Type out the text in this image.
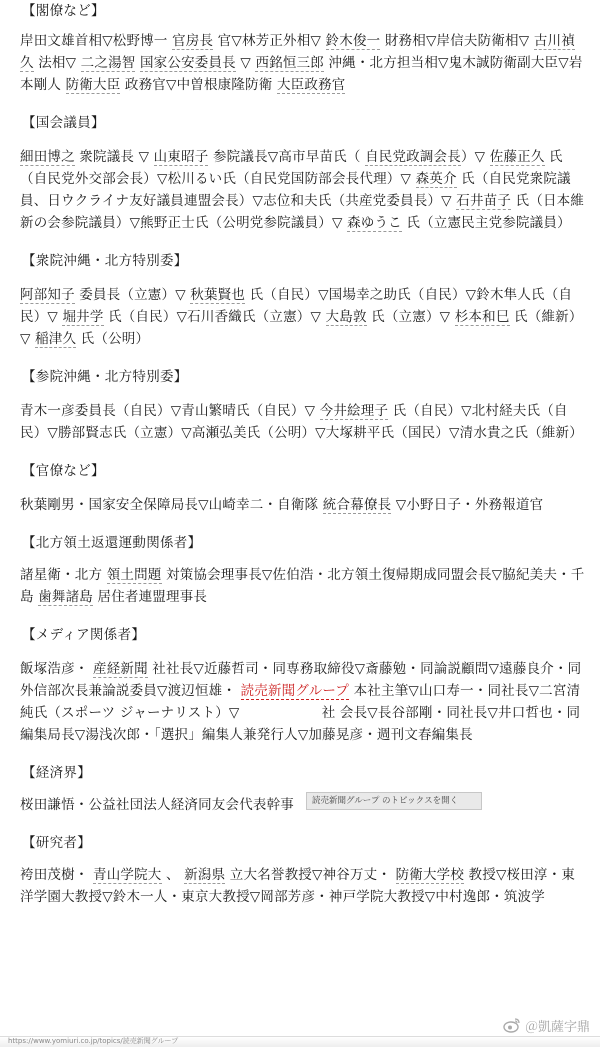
【閣僚など】
岸田文雄首相▽松野博一 官房長 官▽林芳正外相▽ 鈴木俊一 財務相▽岸信夫防衛相▽ 古川禎久 法相▽ 二之湯智 国家公安委員長 ▽ 西銘恒三郎 沖縄・北方担当相▽鬼木誠防衛副大臣▽岩本剛人 防衛大臣 政務官▽中曽根康隆防衛 大臣政務官
【国会議員】
細田博之 衆院議長 ▽ 山東昭子 参院議長▽高市早苗氏（ 自民党政調会長）▽ 佐藤正久 氏（自民党外交部会長）▽松川るい氏（自民党国防部会長代理）▽ 森英介 氏（自民党衆院議員、日ウクライナ友好議員連盟会長）▽志位和夫氏（共産党委員長）▽ 石井苗子 氏（日本維新の会参院議員）▽熊野正士氏（公明党参院議員）▽ 森ゆうこ 氏（立憲民主党参院議員）
【衆院沖縄・北方特別委】
阿部知子 委員長（立憲）▽ 秋葉賢也 氏（自民）▽国場幸之助氏（自民）▽鈴木隼人氏（自民）▽ 堀井学 氏（自民）▽石川香織氏（立憲）▽ 大島敦 氏（立憲）▽ 杉本和巳 氏（維新）▽ 稲津久 氏（公明）
【参院沖縄・北方特別委】
青木一彦委員長（自民）▽青山繁晴氏（自民）▽ 今井絵理子 氏（自民）▽北村経夫氏（自民）▽勝部賢志氏（立憲）▽高瀬弘美氏（公明）▽大塚耕平氏（国民）▽清水貴之氏（維新）
【官僚など】
秋葉剛男・国家安全保障局長▽山崎幸二・自衛隊 統合幕僚長 ▽小野日子・外務報道官
【北方領土返還運動関係者】
諸星衛・北方 領土問題 対策協会理事長▽佐伯浩・北方領土復帰期成同盟会長▽脇紀美夫・千島 歯舞諸島 居住者連盟理事長
【メディア関係者】
飯塚浩彦・ 産経新聞 社社長▽近藤哲司・同専務取締役▽斎藤勉・同論説顧問▽遠藤良介・同外信部次長兼論説委員▽渡辺恒雄・ 読売新聞グループ 本社主筆▽山口寿一・同社長▽二宮清純氏（スポーツ ジャーナリスト）▽　　　　　　	社 会長▽長谷部剛・同社長▽井口哲也・同編集局長▽湯浅次郎・「選択」編集人兼発行人▽加藤晃彦・週刊文春編集長
【経済界】
桜田謙悟・公益社団法人経済同友会代表幹事
【研究者】
袴田茂樹・ 青山学院大 、 新潟県 立大名誉教授▽神谷万丈・ 防衛大学校 教授▽桜田淳・東洋学園大教授▽鈴木一人・東京大教授▽岡部芳彦・神戸学院大教授▽中村逸郎・筑波学
読売新聞グループ のトピックスを開く
https://www.yomiuri.co.jp/topics/読売新聞グループ
＠凱薩字鼎
